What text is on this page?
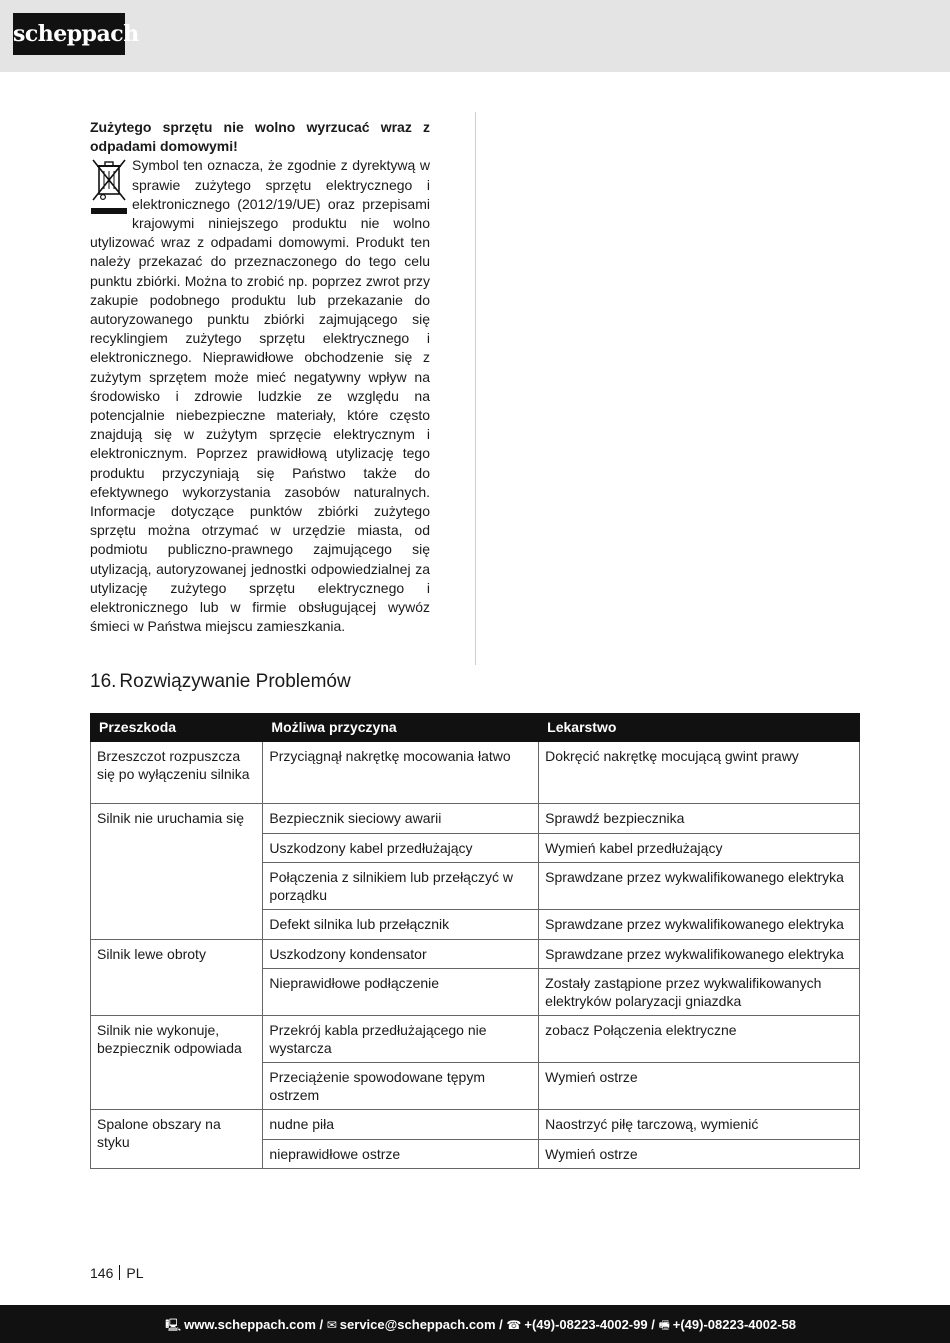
scheppach

Zużytego sprzętu nie wolno wyrzucać wraz z odpadami domowymi!

Symbol ten oznacza, że zgodnie z dyrektywą w sprawie zużytego sprzętu elektrycznego i elektronicznego (2012/19/UE) oraz przepisami krajowymi niniejszego produktu nie wolno utylizować wraz z odpadami domowymi. Produkt ten należy przekazać do przeznaczonego do tego celu punktu zbiórki. Można to zrobić np. poprzez zwrot przy zakupie podobnego produktu lub przekazanie do autoryzowanego punktu zbiórki zajmującego się recyklingiem zużytego sprzętu elektrycznego i elektronicznego. Nieprawidłowe obchodzenie się z zużytym sprzętem może mieć negatywny wpływ na środowisko i zdrowie ludzkie ze względu na potencjalnie niebezpieczne materiały, które często znajdują się w zużytym sprzęcie elektrycznym i elektronicznym. Poprzez prawidłową utylizację tego produktu przyczyniają się Państwo także do efektywnego wykorzystania zasobów naturalnych. Informacje dotyczące punktów zbiórki zużytego sprzętu można otrzymać w urzędzie miasta, od podmiotu publiczno-prawnego zajmującego się utylizacją, autoryzowanej jednostki odpowiedzialnej za utylizację zużytego sprzętu elektrycznego i elektronicznego lub w firmie obsługującej wywóz śmieci w Państwa miejscu zamieszkania.

16. Rozwiązywanie Problemów
Przeszkoda	Możliwa przyczyna	Lekarstwo
Brzeszczot rozpuszcza się po wyłączeniu silnika	Przyciągnął nakrętkę mocowania łatwo	Dokręcić nakrętkę mocującą gwint prawy
Silnik nie uruchamia się	Bezpiecznik sieciowy awarii	Sprawdź bezpiecznika
	Uszkodzony kabel przedłużający	Wymień kabel przedłużający
	Połączenia z silnikiem lub przełączyć w porządku	Sprawdzane przez wykwalifikowanego elektryka
	Defekt silnika lub przełącznik	Sprawdzane przez wykwalifikowanego elektryka
Silnik lewe obroty	Uszkodzony kondensator	Sprawdzane przez wykwalifikowanego elektryka
	Nieprawidłowe podłączenie	Zostały zastąpione przez wykwalifikowanych elektryków polaryzacji gniazdka
Silnik nie wykonuje, bezpiecznik odpowiada	Przekrój kabla przedłużającego nie wystarcza	zobacz Połączenia elektryczne
	Przeciążenie spowodowane tępym ostrzem	Wymień ostrze
Spalone obszary na styku	nudne piła	Naostrzyć piłę tarczową, wymienić
	nieprawidłowe ostrze	Wymień ostrze
146 PL
🖳 www.scheppach.com / ✉ service@scheppach.com / ☎ +(49)-08223-4002-99 / 🖷 +(49)-08223-4002-58
